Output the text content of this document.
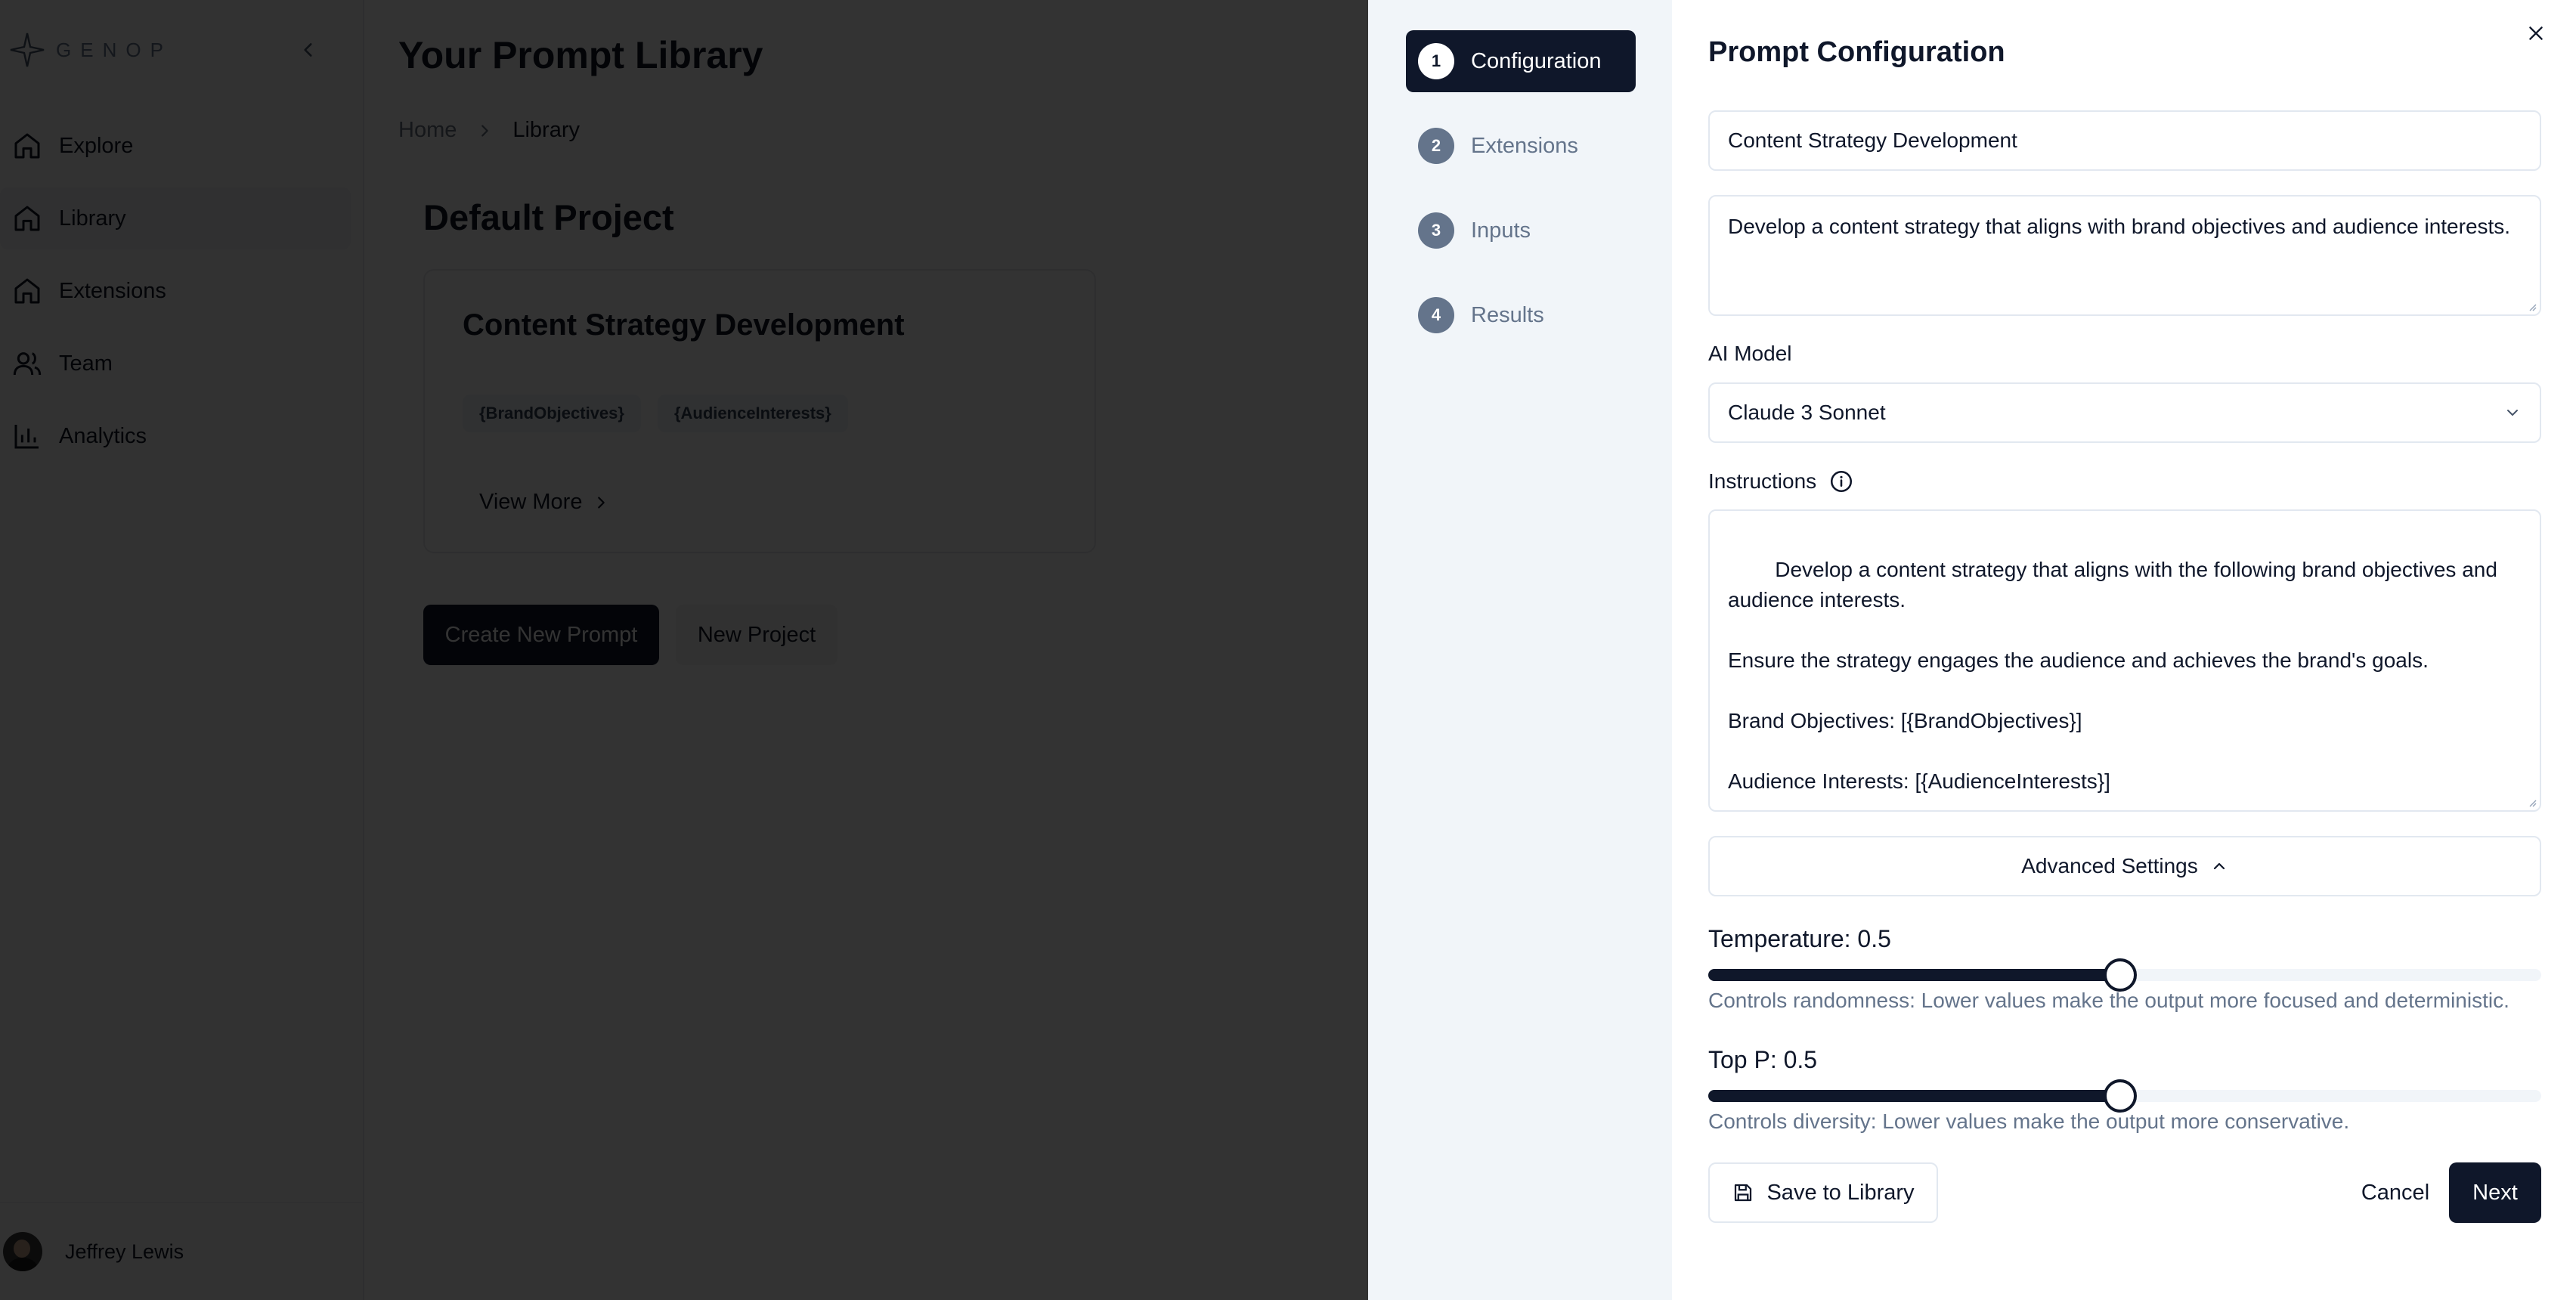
1	Configuration
2	Extensions
3	Inputs
4	Results
Prompt Configuration
Content Strategy Development
Develop a content strategy that aligns with brand objectives and audience interests.
AI Model
Claude 3 Sonnet
Instructions

Develop a content strategy that aligns with the following brand objectives and audience interests.

Ensure the strategy engages the audience and achieves the brand's goals.

Brand Objectives: [{BrandObjectives}]

Audience Interests: [{AudienceInterests}]

Advanced Settings
Temperature: 0.5
Controls randomness: Lower values make the output more focused and deterministic.
Top P: 0.5
Controls diversity: Lower values make the output more conservative.
Save to Library	Cancel	Next
